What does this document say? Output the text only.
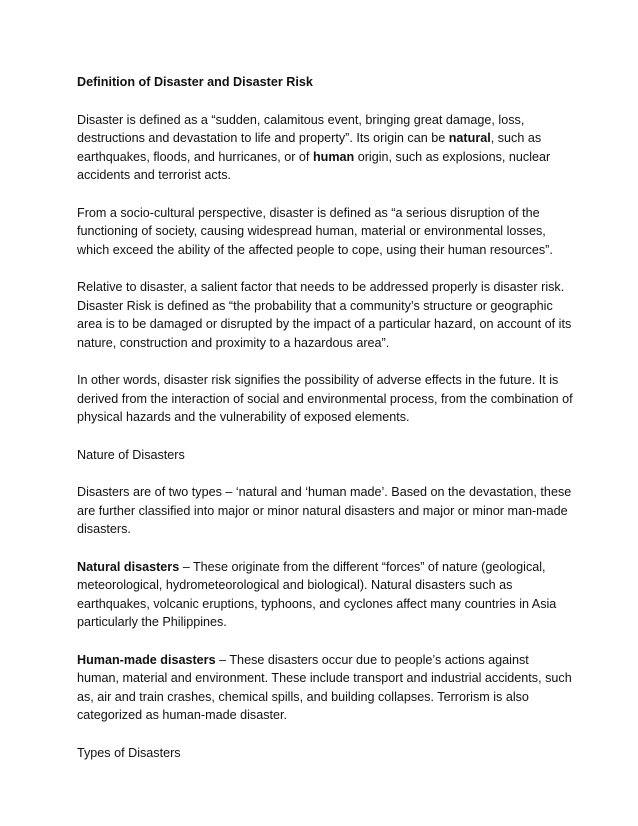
Definition of Disaster and Disaster Risk

Disaster is defined as a “sudden, calamitous event, bringing great damage, loss, destructions and devastation to life and property”. Its origin can be natural, such as earthquakes, floods, and hurricanes, or of human origin, such as explosions, nuclear accidents and terrorist acts.

From a socio-cultural perspective, disaster is defined as “a serious disruption of the functioning of society, causing widespread human, material or environmental losses, which exceed the ability of the affected people to cope, using their human resources”.

Relative to disaster, a salient factor that needs to be addressed properly is disaster risk. Disaster Risk is defined as “the probability that a community’s structure or geographic area is to be damaged or disrupted by the impact of a particular hazard, on account of its nature, construction and proximity to a hazardous area”.

In other words, disaster risk signifies the possibility of adverse effects in the future. It is derived from the interaction of social and environmental process, from the combination of physical hazards and the vulnerability of exposed elements.

Nature of Disasters

Disasters are of two types – ‘natural and ‘human made’. Based on the devastation, these are further classified into major or minor natural disasters and major or minor man-made disasters.

Natural disasters – These originate from the different “forces” of nature (geological, meteorological, hydrometeorological and biological). Natural disasters such as earthquakes, volcanic eruptions, typhoons, and cyclones affect many countries in Asia particularly the Philippines.

Human-made disasters – These disasters occur due to people’s actions against human, material and environment. These include transport and industrial accidents, such as, air and train crashes, chemical spills, and building collapses. Terrorism is also categorized as human-made disaster.

Types of Disasters
